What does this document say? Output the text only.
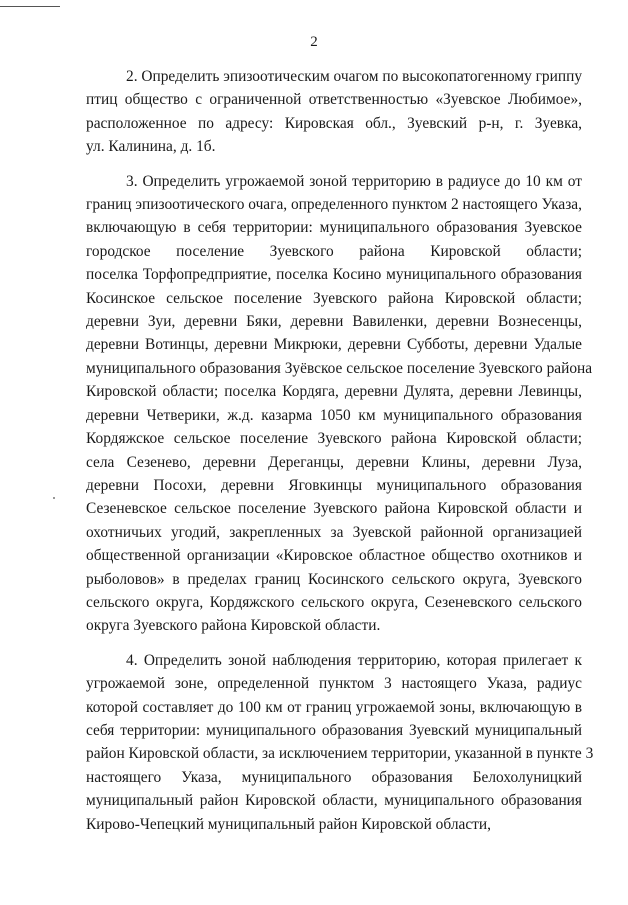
2
2. Определить эпизоотическим очагом по высокопатогенному гриппу
птиц общество с ограниченной ответственностью «Зуевское Любимое»,
расположенное по адресу: Кировская обл., Зуевский р-н, г. Зуевка,
ул. Калинина, д. 1б.
3. Определить угрожаемой зоной территорию в радиусе до 10 км от
границ эпизоотического очага, определенного пунктом 2 настоящего Указа,
включающую в себя территории: муниципального образования Зуевское
городское поселение Зуевского района Кировской области;
поселка Торфопредприятие, поселка Косино муниципального образования
Косинское сельское поселение Зуевского района Кировской области;
деревни Зуи, деревни Бяки, деревни Вавиленки, деревни Вознесенцы,
деревни Вотинцы, деревни Микрюки, деревни Субботы, деревни Удалые
муниципального образования Зуёвское сельское поселение Зуевского района
Кировской области; поселка Кордяга, деревни Дулята, деревни Левинцы,
деревни Четверики, ж.д. казарма 1050 км муниципального образования
Кордяжское сельское поселение Зуевского района Кировской области;
села Сезенево, деревни Дереганцы, деревни Клины, деревни Луза,
деревни Посохи, деревни Яговкинцы муниципального образования
Сезеневское сельское поселение Зуевского района Кировской области и
охотничьих угодий, закрепленных за Зуевской районной организацией
общественной организации «Кировское областное общество охотников и
рыболовов» в пределах границ Косинского сельского округа, Зуевского
сельского округа, Кордяжского сельского округа, Сезеневского сельского
округа Зуевского района Кировской области.
4. Определить зоной наблюдения территорию, которая прилегает к
угрожаемой зоне, определенной пунктом 3 настоящего Указа, радиус
которой составляет до 100 км от границ угрожаемой зоны, включающую в
себя территории: муниципального образования Зуевский муниципальный
район Кировской области, за исключением территории, указанной в пункте 3
настоящего Указа, муниципального образования Белохолуницкий
муниципальный район Кировской области, муниципального образования
Кирово-Чепецкий муниципальный район Кировской области,
